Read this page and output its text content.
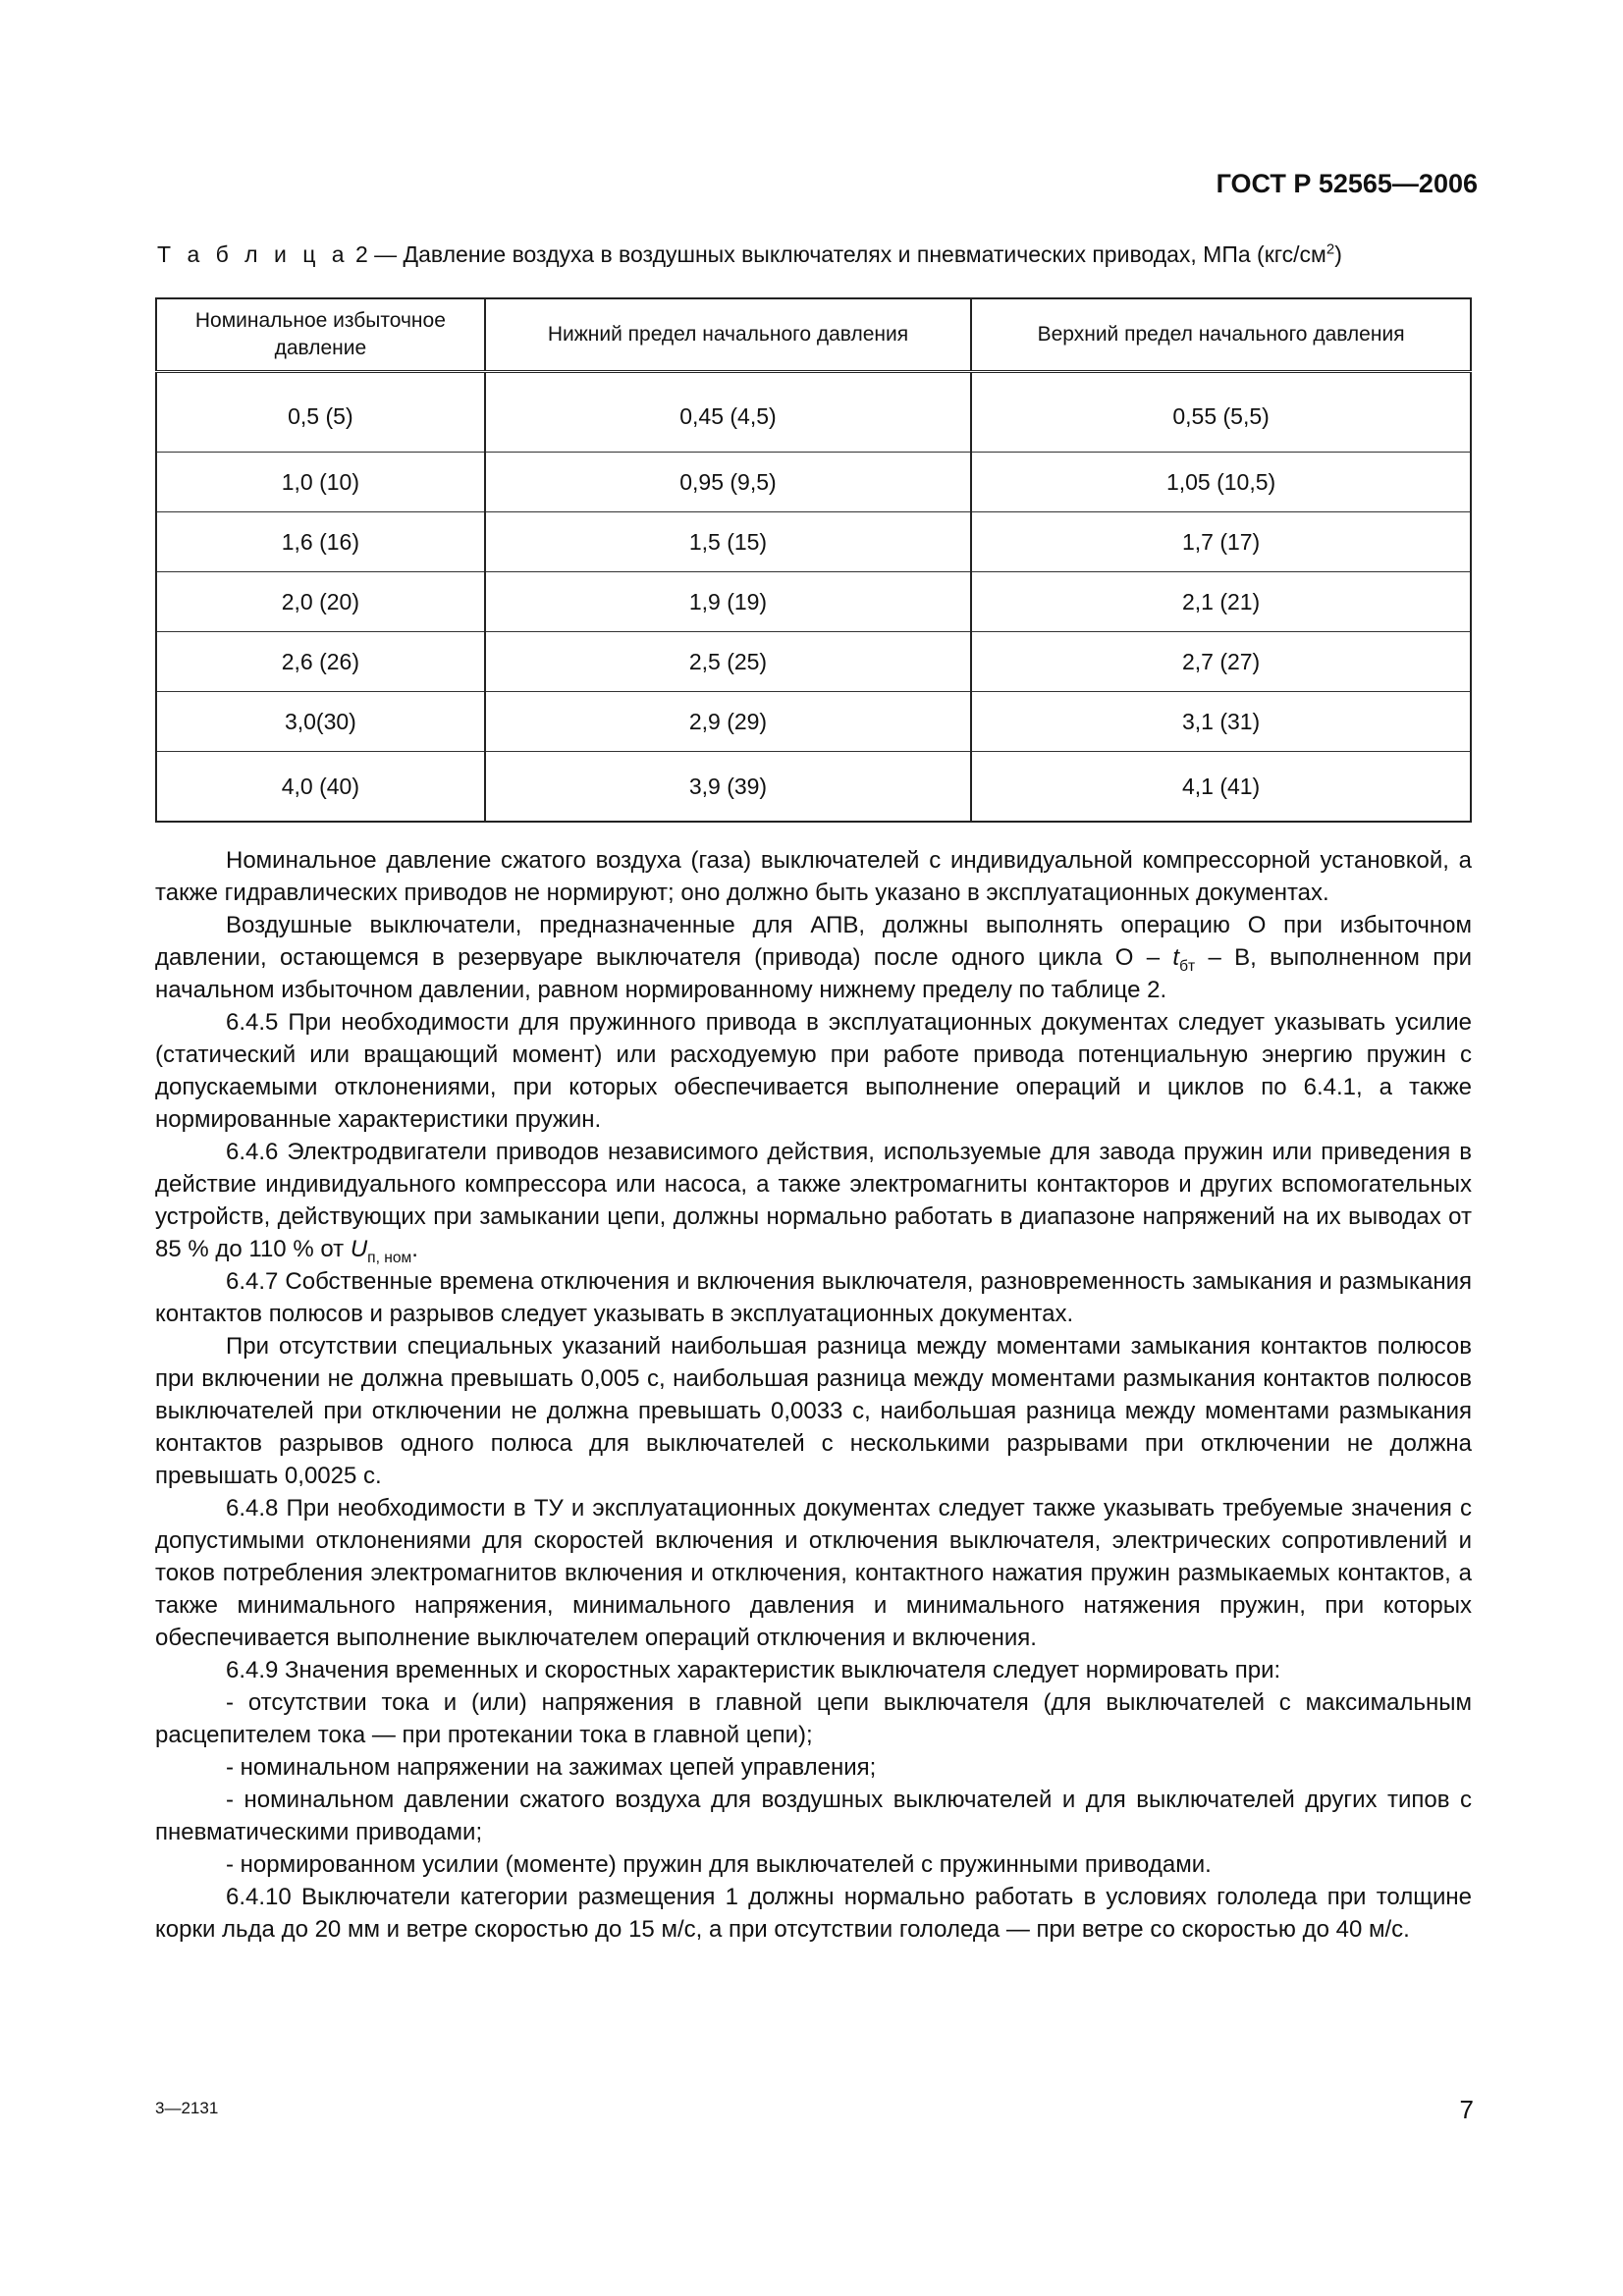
ГОСТ Р 52565—2006
Т а б л и ц а 2 — Давление воздуха в воздушных выключателях и пневматических приводах, МПа $(кгс/см^2)$
Номинальное избыточное давление	Нижний предел начального давления	Верхний предел начального давления
0,5 (5)	0,45 (4,5)	0,55 (5,5)
1,0 (10)	0,95 (9,5)	1,05 (10,5)
1,6 (16)	1,5 (15)	1,7 (17)
2,0 (20)	1,9 (19)	2,1 (21)
2,6 (26)	2,5 (25)	2,7 (27)
3,0(30)	2,9 (29)	3,1 (31)
4,0 (40)	3,9 (39)	4,1 (41)

Номинальное давление сжатого воздуха (газа) выключателей с индивидуальной компрессорной установкой, а также гидравлических приводов не нормируют; оно должно быть указано в эксплуатационных документах.

Воздушные выключатели, предназначенные для АПВ, должны выполнять операцию О при избыточном давлении, остающемся в резервуаре выключателя (привода) после одного цикла О – $t_{бт}$ – В, выполненном при начальном избыточном давлении, равном нормированному нижнему пределу по таблице 2.

6.4.5 При необходимости для пружинного привода в эксплуатационных документах следует указывать усилие (статический или вращающий момент) или расходуемую при работе привода потенциальную энергию пружин с допускаемыми отклонениями, при которых обеспечивается выполнение операций и циклов по 6.4.1, а также нормированные характеристики пружин.

6.4.6 Электродвигатели приводов независимого действия, используемые для завода пружин или приведения в действие индивидуального компрессора или насоса, а также электромагниты контакторов и других вспомогательных устройств, действующих при замыкании цепи, должны нормально работать в диапазоне напряжений на их выводах от 85 % до 110 % от $U_{п, ном}$.

6.4.7 Собственные времена отключения и включения выключателя, разновременность замыкания и размыкания контактов полюсов и разрывов следует указывать в эксплуатационных документах.

При отсутствии специальных указаний наибольшая разница между моментами замыкания контактов полюсов при включении не должна превышать 0,005 с, наибольшая разница между моментами размыкания контактов полюсов выключателей при отключении не должна превышать 0,0033 с, наибольшая разница между моментами размыкания контактов разрывов одного полюса для выключателей с несколькими разрывами при отключении не должна превышать 0,0025 с.

6.4.8 При необходимости в ТУ и эксплуатационных документах следует также указывать требуемые значения с допустимыми отклонениями для скоростей включения и отключения выключателя, электрических сопротивлений и токов потребления электромагнитов включения и отключения, контактного нажатия пружин размыкаемых контактов, а также минимального напряжения, минимального давления и минимального натяжения пружин, при которых обеспечивается выполнение выключателем операций отключения и включения.

6.4.9 Значения временных и скоростных характеристик выключателя следует нормировать при:

- отсутствии тока и (или) напряжения в главной цепи выключателя (для выключателей с максимальным расцепителем тока — при протекании тока в главной цепи);

- номинальном напряжении на зажимах цепей управления;

- номинальном давлении сжатого воздуха для воздушных выключателей и для выключателей других типов с пневматическими приводами;

- нормированном усилии (моменте) пружин для выключателей с пружинными приводами.

6.4.10 Выключатели категории размещения 1 должны нормально работать в условиях гололеда при толщине корки льда до 20 мм и ветре скоростью до 15 м/с, а при отсутствии гололеда — при ветре со скоростью до 40 м/с.

3—2131	7
